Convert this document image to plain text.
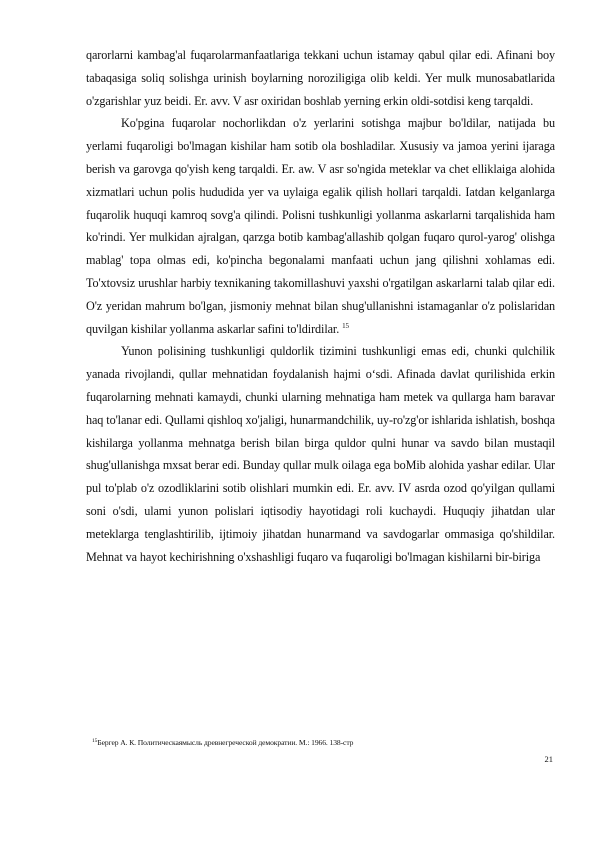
qarorlarni kambag'al fuqarolarmanfaatlariga tekkani uchun istamay qabul qilar edi. Afinani boy tabaqasiga soliq solishga urinish boylarning noroziligiga olib keldi. Yer mulk munosabatlarida o'zgarishlar yuz beidi. Er. avv. V asr oxiridan boshlab yerning erkin oldi-sotdisi keng tarqaldi.

Ko'pgina fuqarolar nochorlikdan o'z yerlarini sotishga majbur bo'ldilar, natijada bu yerlami fuqaroligi bo'lmagan kishilar ham sotib ola boshladilar. Xususiy va jamoa yerini ijaraga berish va garovga qo'yish keng tarqaldi. Er. aw. V asr so'ngida meteklar va chet elliklaiga alohida xizmatlari uchun polis hududida yer va uylaiga egalik qilish hollari tarqaldi. Iatdan kelganlarga fuqarolik huquqi kamroq sovg'a qilindi. Polisni tushkunligi yollanma askarlarni tarqalishida ham ko'rindi. Yer mulkidan ajralgan, qarzga botib kambag'allashib qolgan fuqaro qurol-yarog' olishga mablag' topa olmas edi, ko'pincha begonalami manfaati uchun jang qilishni xohlamas edi. To'xtovsiz urushlar harbiy texnikaning takomillashuvi yaxshi o'rgatilgan askarlarni talab qilar edi. O'z yeridan mahrum bo'lgan, jismoniy mehnat bilan shug'ullanishni istamaganlar o'z polislaridan quvilgan kishilar yollanma askarlar safini to'ldirdilar. $^{15}$

Yunon polisining tushkunligi quldorlik tizimini tushkunligi emas edi, chunki qulchilik yanada rivojlandi, qullar mehnatidan foydalanish hajmi o‘sdi. Afinada davlat qurilishida erkin fuqarolarning mehnati kamaydi, chunki ularning mehnatiga ham metek va qullarga ham baravar haq to'lanar edi. Qullami qishloq xo'jaligi, hunarmandchilik, uy-ro'zg'or ishlarida ishlatish, boshqa kishilarga yollanma mehnatga berish bilan birga quldor qulni hunar va savdo bilan mustaqil shug'ullanishga mxsat berar edi. Bunday qullar mulk oilaga ega boMib alohida yashar edilar. Ular pul to'plab o'z ozodliklarini sotib olishlari mumkin edi. Er. avv. IV asrda ozod qo'yilgan qullami soni o'sdi, ulami yunon polislari iqtisodiy hayotidagi roli kuchaydi. Huquqiy jihatdan ular meteklarga tenglashtirilib, ijtimoiy jihatdan hunarmand va savdogarlar ommasiga qo'shildilar. Mehnat va hayot kechirishning o'xshashligi fuqaro va fuqaroligi bo'lmagan kishilarni bir-biriga

$^{15}$Бергер А. К. Политическаямысль древнегреческой демократии. М.: 1966. 138-стр
21
